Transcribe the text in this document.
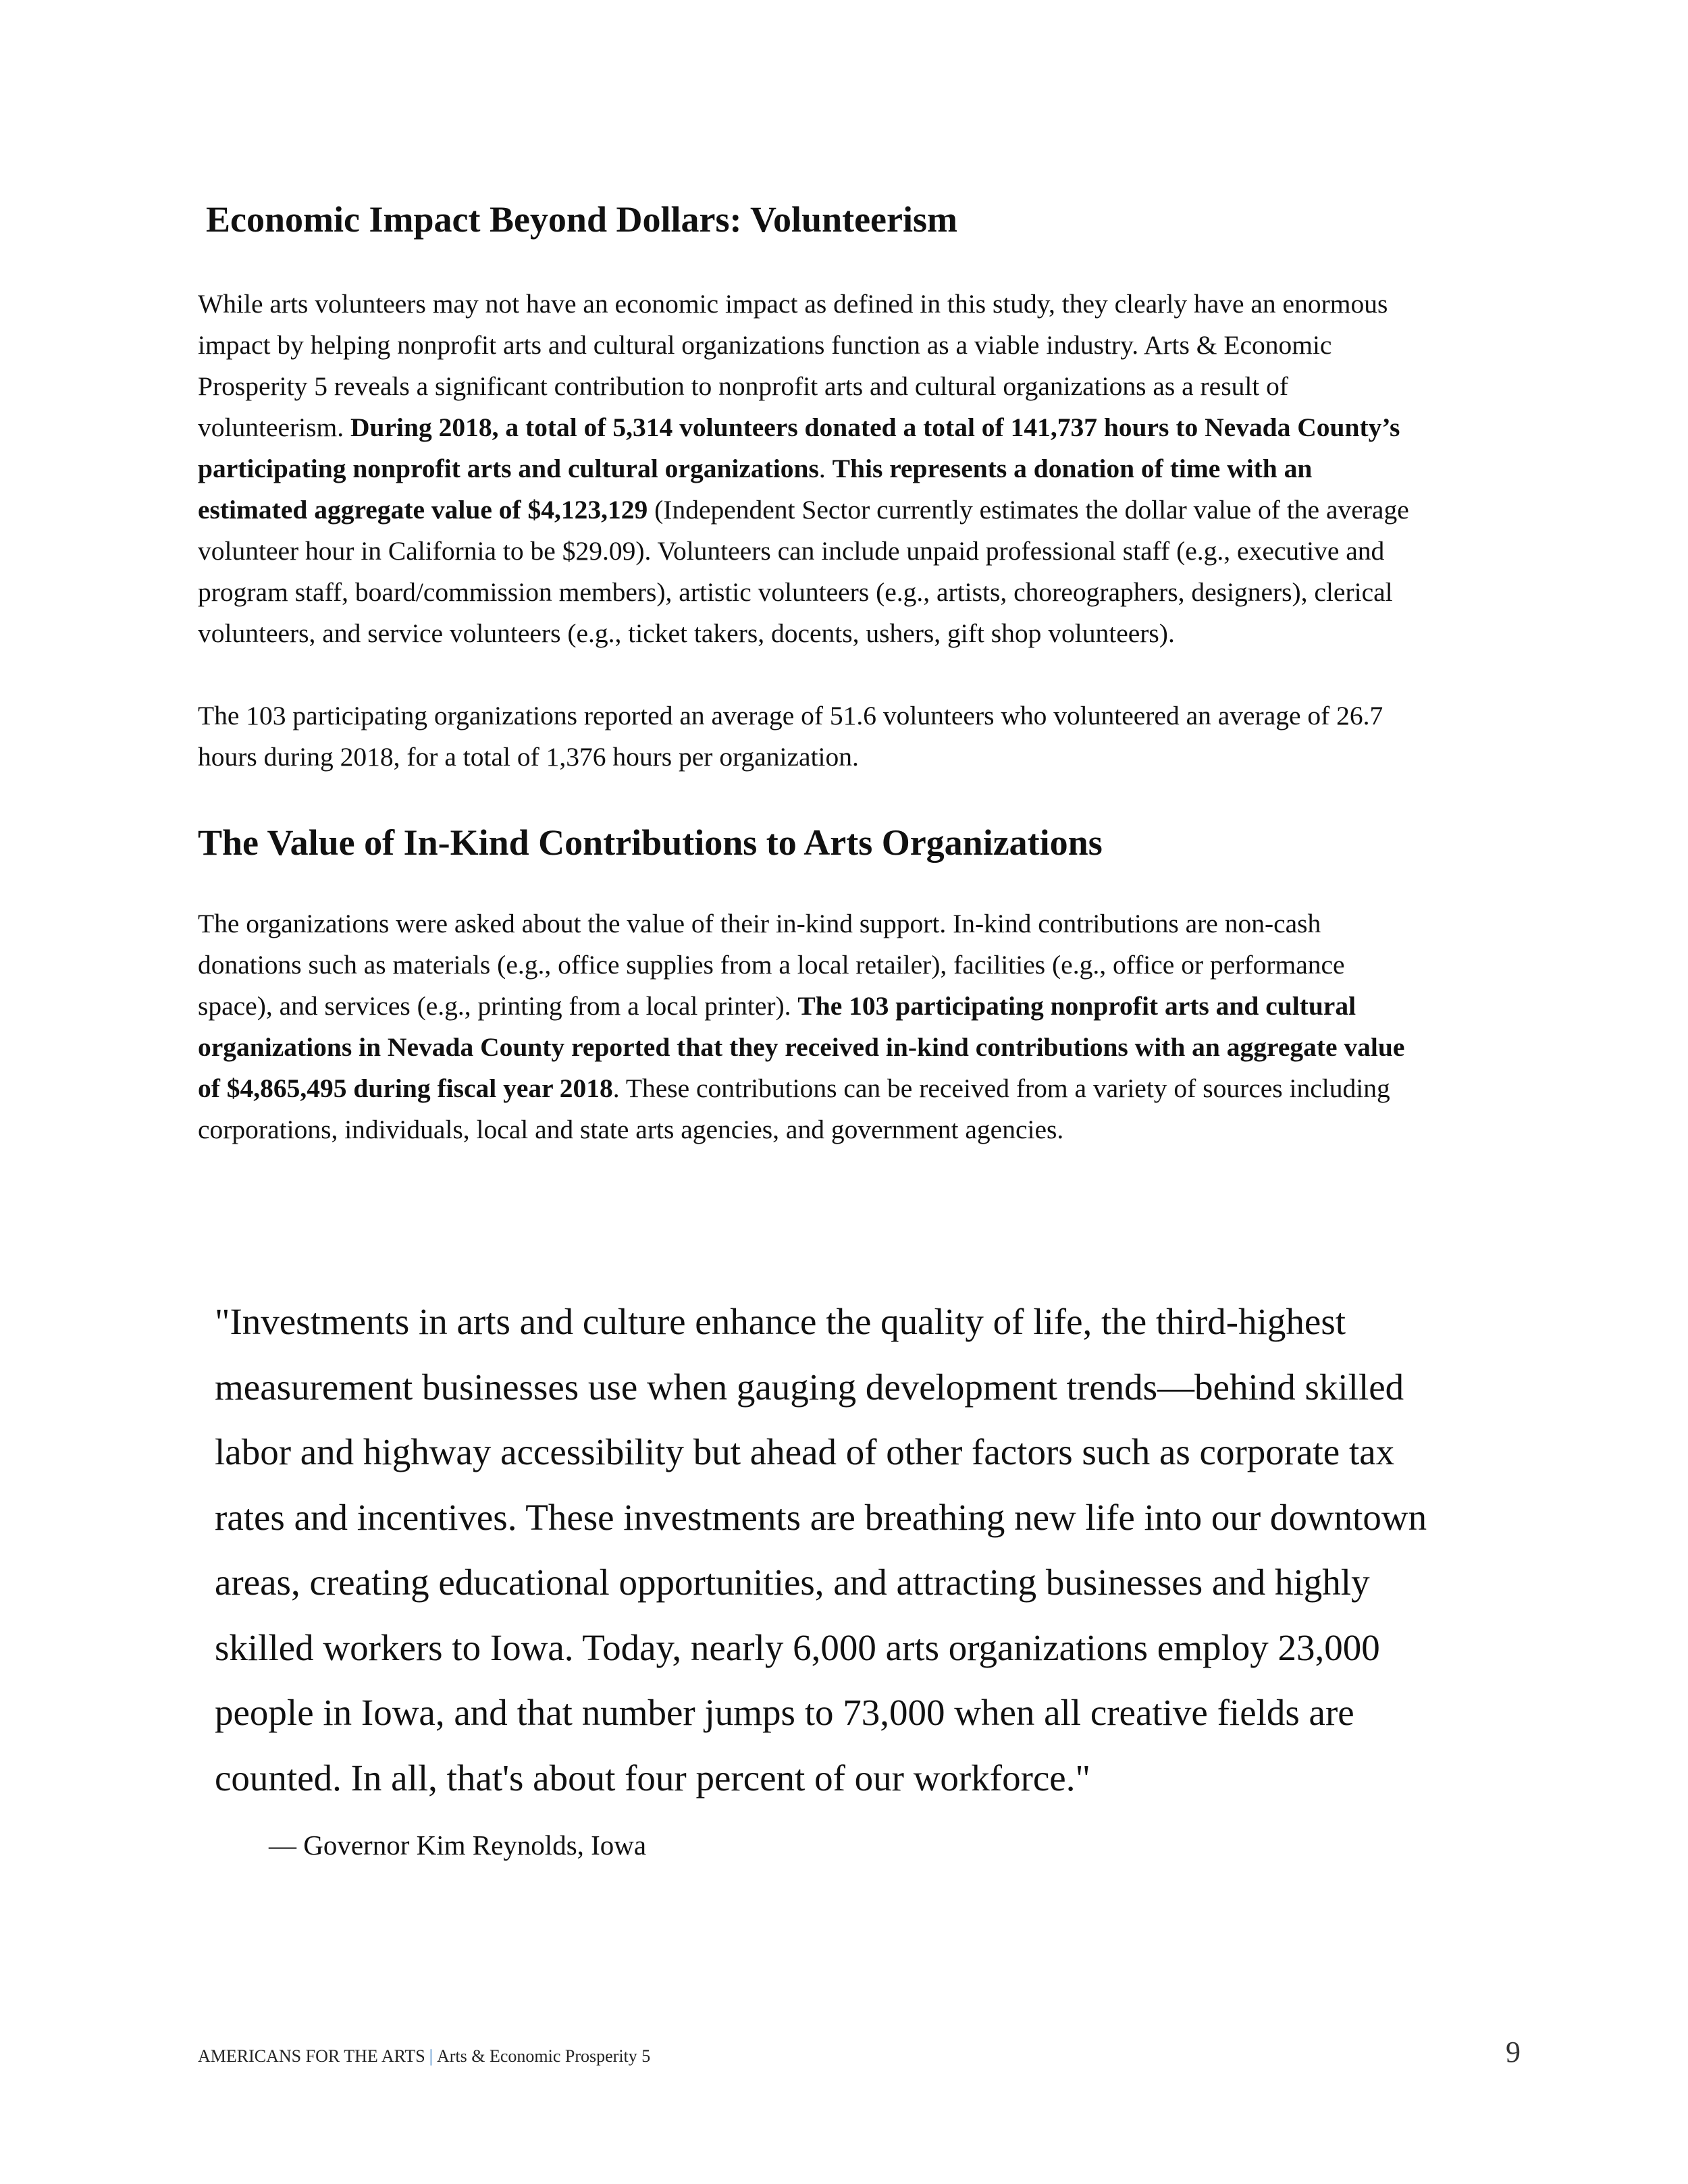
Economic Impact Beyond Dollars: Volunteerism

While arts volunteers may not have an economic impact as defined in this study, they clearly have an enormous
impact by helping nonprofit arts and cultural organizations function as a viable industry. Arts & Economic
Prosperity 5 reveals a significant contribution to nonprofit arts and cultural organizations as a result of
volunteerism. During 2018, a total of 5,314 volunteers donated a total of 141,737 hours to Nevada County’s
participating nonprofit arts and cultural organizations. This represents a donation of time with an
estimated aggregate value of $4,123,129 (Independent Sector currently estimates the dollar value of the average
volunteer hour in California to be $29.09). Volunteers can include unpaid professional staff (e.g., executive and
program staff, board/commission members), artistic volunteers (e.g., artists, choreographers, designers), clerical
volunteers, and service volunteers (e.g., ticket takers, docents, ushers, gift shop volunteers).

The 103 participating organizations reported an average of 51.6 volunteers who volunteered an average of 26.7
hours during 2018, for a total of 1,376 hours per organization.

The Value of In-Kind Contributions to Arts Organizations

The organizations were asked about the value of their in-kind support. In-kind contributions are non-cash
donations such as materials (e.g., office supplies from a local retailer), facilities (e.g., office or performance
space), and services (e.g., printing from a local printer). The 103 participating nonprofit arts and cultural
organizations in Nevada County reported that they received in-kind contributions with an aggregate value
of $4,865,495 during fiscal year 2018. These contributions can be received from a variety of sources including
corporations, individuals, local and state arts agencies, and government agencies.

"Investments in arts and culture enhance the quality of life, the third-highest
measurement businesses use when gauging development trends—behind skilled
labor and highway accessibility but ahead of other factors such as corporate tax
rates and incentives. These investments are breathing new life into our downtown
areas, creating educational opportunities, and attracting businesses and highly
skilled workers to Iowa. Today, nearly 6,000 arts organizations employ 23,000
people in Iowa, and that number jumps to 73,000 when all creative fields are
counted. In all, that's about four percent of our workforce."
— Governor Kim Reynolds, Iowa
AMERICANS FOR THE ARTS | Arts & Economic Prosperity 5	9
